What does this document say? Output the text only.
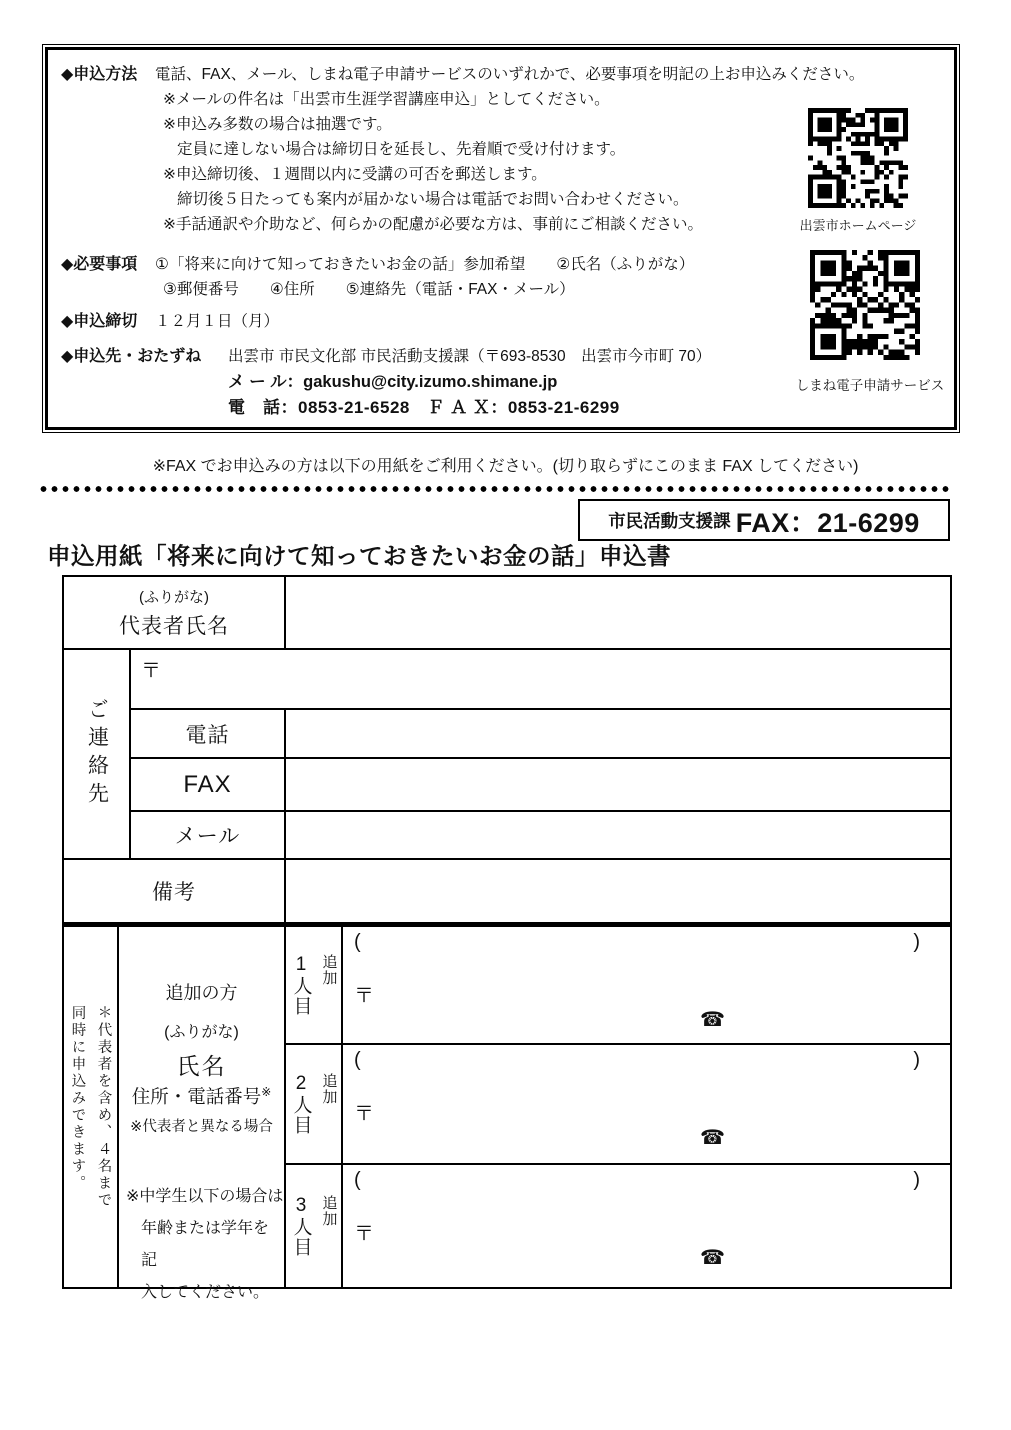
◆申込方法	電話、FAX、メール、しまね電子申請サービスのいずれかで、必要事項を明記の上お申込みください。
※メールの件名は「出雲市生涯学習講座申込」としてください。
※申込み多数の場合は抽選です。
定員に達しない場合は締切日を延長し、先着順で受け付けます。
※申込締切後、１週間以内に受講の可否を郵送します。
締切後５日たっても案内が届かない場合は電話でお問い合わせください。
※手話通訳や介助など、何らかの配慮が必要な方は、事前にご相談ください。
◆必要事項	①「将来に向けて知っておきたいお金の話」参加希望　　②氏名（ふりがな）
③郵便番号　　④住所　　⑤連絡先（電話・FAX・メール）
◆申込締切	１２月１日（月）
◆申込先・おたずね	出雲市 市民文化部 市民活動支援課（〒693-8530　出雲市今市町 70）
メ ー ル：gakushu@city.izumo.shimane.jp
電　話：0853-21-6528　Ｆ Ａ Ｘ：0853-21-6299
出雲市ホームページ
しまね電子申請サービス
※FAX でお申込みの方は以下の用紙をご利用ください。(切り取らずにこのまま FAX してください)
市民活動支援課 FAX：21-6299
申込用紙「将来に向けて知っておきたいお金の話」申込書
(ふりがな)
代表者氏名
ご連絡先
〒
電話
FAX
メール
備考
＊代表者を含め、４名まで
同時に申込みできます。
追加の方
(ふりがな)
氏名
住所・電話番号※
※代表者と異なる場合
※中学生以下の場合は
年齢または学年を記
入してください。
追加
1人目
(	)
〒
☎
追加
2人目
(	)
〒
☎
追加
3人目
(	)
〒
☎
